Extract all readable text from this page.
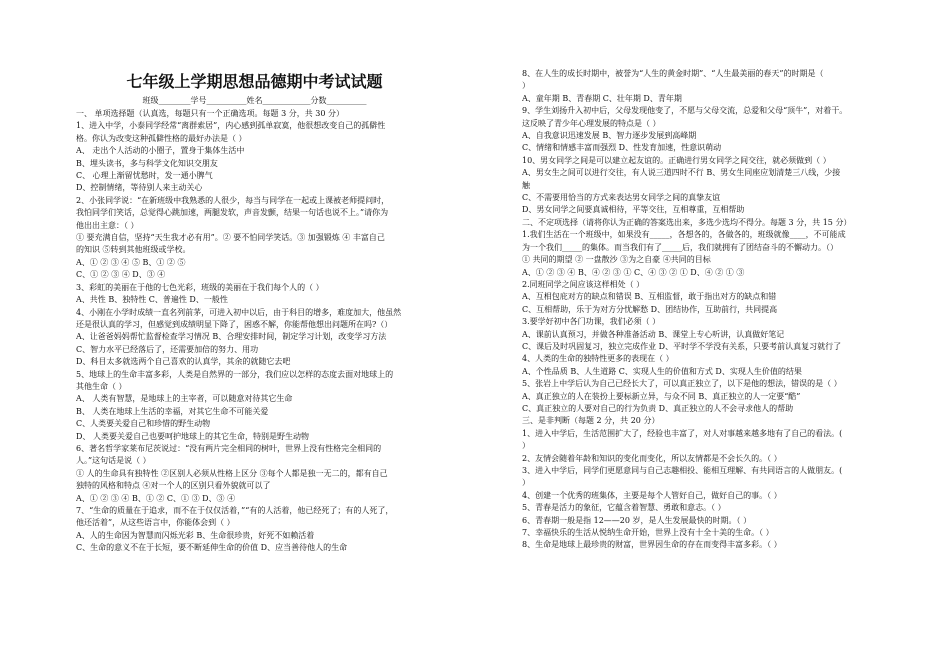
七年级上学期思想品德期中考试试题
班级________学号__________姓名____________分数__________
一、 单项选择题（认真选，每题只有一个正确选项。每题 3 分，共 30 分）
1、进入中学，小泰同学经常“离群索居”，内心感到孤单寂寞，他很想改变自己的孤僻性
格。你认为改变这种孤僻性格的最好办法是（ ）
A、 走出个人活动的小圈子，置身于集体生活中
B、埋头读书，多与科学文化知识交朋友
C、 心理上渐留忧愁时，发一通小脾气
D、控制情绪，等待别人来主动关心
2、小张同学说：“在新班级中我熟悉的人很少，每当与同学在一起或上课被老师提问时，
我怕同学们笑话，总觉得心跳加速，两腿发软，声音发颤，结果一句话也说不上。”请你为
他出出主意：（ ）
① 要充满自信，坚持“天生我才必有用”。② 要不怕同学笑话。③ 加强锻炼 ④ 丰富自己
的知识 ⑤转到其他班级或学校。
A、① ② ③ ④ ⑤ B、① ② ⑤
C、① ② ③ ④ D、③ ④
3、彩虹的美丽在于他的七色光彩，班级的美丽在于我们每个人的（ ）
A、共性 B、独特性 C、普遍性 D、一般性
4、小刚在小学时成绩一直名列前茅，可进入初中以后，由于科目的增多，难度加大，他虽然
还是很认真的学习，但感觉到成绩明显下降了，困惑不解，你能帮他想出问题所在吗?（）
A、让爸爸妈妈帮忙监督检查学习情况 B、合理安排时间，制定学习计划，改变学习方法
C、智力水平已经落后了，还需要加倍的努力、用功
D、科目太多就选两个自己喜欢的认真学，其余的就随它去吧
5、地球上的生命丰富多彩，人类是自然界的一部分，我们应以怎样的态度去面对地球上的
其他生命（ ）
A、 人类有智慧，是地球上的主宰者，可以随意对待其它生命
B、 人类在地球上生活的幸福，对其它生命不可能关爱
C、人类要关爱自己和珍惜的野生动物
D、 人类要关爱自己也要呵护地球上的其它生命，特别是野生动物
6、著名哲学家莱布尼茨说过：“没有两片完全相同的树叶，世界上没有性格完全相同的
人。”这句话是说（ ）
① 人的生命具有独特性 ②区别人必须从性格上区分 ③每个人都是独一无二的，都有自己
独特的风格和特点 ④对一个人的区别只看外貌就可以了
A、① ② ③ ④ B、① ② C、① ③ D、③ ④
7、“生命的质量在于追求，而不在于仅仅活着，”“有的人活着，他已经死了；有的人死了，
他还活着”，从这些语言中，你能体会到（ ）
A、人的生命因为智慧而闪烁光彩 B、生命很珍贵，好死不如赖活着
C、生命的意义不在于长短，要不断延伸生命的价值 D、应当善待他人的生命
8、在人生的成长时期中，被誉为“人生的黄金时期”、“人生最美丽的春天”的时期是（
）
A、童年期 B、青春期 C、壮年期 D、青年期
9、学生刘扬升入初中后，父母发现他变了，不愿与父母交流，总爱和父母“顶牛”，对着干。
这反映了青少年心理发展的特点是（ ）
A、自我意识迅速发展 B、智力逐步发展到高峰期
C、情绪和情感丰富而强烈 D、性发育加速，性意识萌动
10、男女同学之间是可以建立起友谊的。正确进行男女同学之间交往，就必须做到（ ）
A、男女生之间可以进行交往，有人说三道四时不行 B、男女生同座应划清楚三八线，少接
触
C、不需要用恰当的方式来表达男女同学之间的真挚友谊
D、男女同学之间要真诚相待，平等交往，互相尊重，互相帮助
二、不定项选择（请将你认为正确的答案选出来，多选少选均不得分。每题 3 分，共 15 分）
1.我们生活在一个班级中，如果没有_____，各想各的，各做各的，班级就像____，不可能成
为一个我们_____的集体。而当我们有了_____后，我们就拥有了团结奋斗的不懈动力。（）
① 共同的期望 ② 一盘散沙 ③为之自豪 ④共同的目标
A、① ② ③ ④ B、④ ② ③ ① C、④ ③ ② ① D、④ ② ① ③
2.同班同学之间应该这样相处（ ）
A、互相包庇对方的缺点和错误 B、互相监督，敢于指出对方的缺点和错
C、互相帮助，乐于为对方分忧解愁 D、团结协作，互助前行，共同提高
3.要学好初中各门功课，我们必须（ ）
A、课前认真预习，并做各种准备活动 B、课堂上专心听讲，认真做好笔记
C、课后及时巩固复习，独立完成作业 D、平时学不学没有关系，只要考前认真复习就行了
4、人类的生命的独特性更多的表现在（ ）
A、个性品质 B、人生道路 C、实现人生的价值和方式 D、实现人生价值的结果
5、张岩上中学后认为自己已经长大了，可以真正独立了，以下是他的想法，错误的是（ ）
A、真正独立的人在装扮上要标新立异，与众不同 B、真正独立的人一定要“酷”
C、真正独立的人要对自己的行为负责 D、真正独立的人不会寻求他人的帮助
三、是非判断（每题 2 分，共 20 分）
1、进入中学后，生活范围扩大了，经验也丰富了，对人对事越来越多地有了自己的看法。(
）
2、友情会随着年龄和知识的变化而变化，所以友情都是不会长久的。（ ）
3、进入中学后，同学们更愿意同与自己志趣相投、能相互理解、有共同语言的人做朋友。(
）
4、创建一个优秀的班集体，主要是每个人管好自己，做好自己的事。（ ）
5、青春是活力的象征，它蕴含着智慧、勇敢和意志。（ ）
6、青春期一般是指 12——20 岁，是人生发展最快的时期。（ ）
7、幸福快乐的生活从悦纳生命开始，世界上没有十全十美的生命。（ ）
8、生命是地球上最珍贵的财富，世界因生命的存在而变得丰富多彩。（ ）
